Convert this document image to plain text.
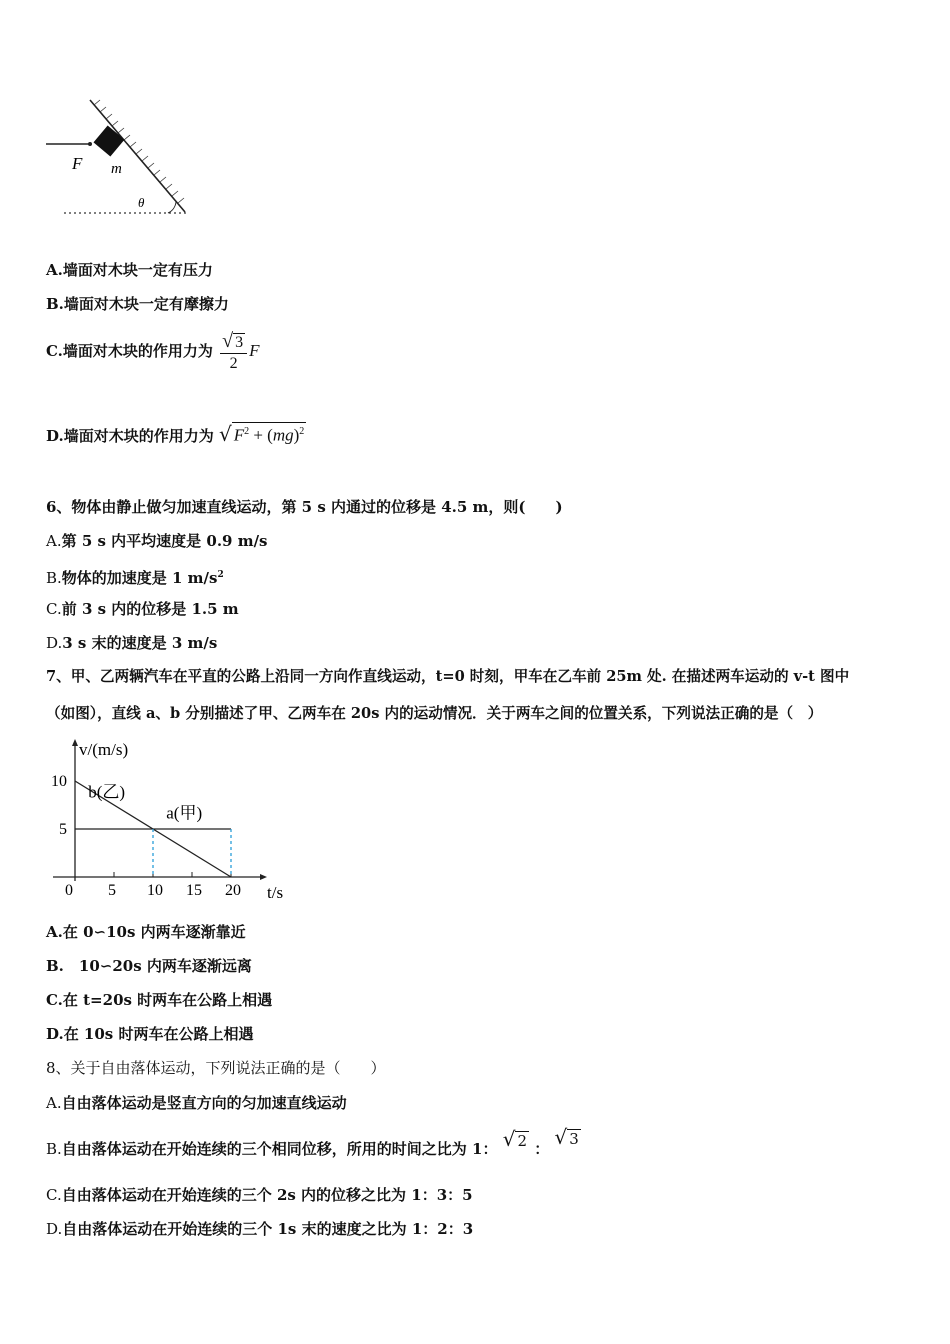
F m
θ
A.墙面对木块一定有压力
B.墙面对木块一定有摩擦力
C.墙面对木块的作用力为 $\frac{√ 3}{2}$ F
D.墙面对木块的作用力为 √ $F^2 + (mg)^2$
6、物体由静止做匀加速直线运动，第 5 s 内通过的位移是 4.5 m，则(　　)
A.第 5 s 内平均速度是 0.9 m/s
B.物体的加速度是 1 $m/s^2$
C.前 3 s 内的位移是 1.5 m
D.3 s 末的速度是 3 m/s
7、甲、乙两辆汽车在平直的公路上沿同一方向作直线运动，t=0 时刻，甲车在乙车前 25m 处. 在描述两车运动的 v-t 图中
（如图），直线 a、b 分别描述了甲、乙两车在 20s 内的运动情况．关于两车之间的位置关系，下列说法正确的是（　）
0 5 10 15 20
5
10
b(乙)
a(甲)
v/(m/s)
t/s
A.在 0∽10s 内两车逐渐靠近
B.　10∽20s 内两车逐渐远离
C.在 t=20s 时两车在公路上相遇
D.在 10s 时两车在公路上相遇
8、关于自由落体运动，下列说法正确的是（　　）
A.自由落体运动是竖直方向的匀加速直线运动
B.自由落体运动在开始连续的三个相同位移，所用的时间之比为 1： √ 2 ： √ 3
C.自由落体运动在开始连续的三个 2s 内的位移之比为 1：3：5
D.自由落体运动在开始连续的三个 1s 末的速度之比为 1：2：3
